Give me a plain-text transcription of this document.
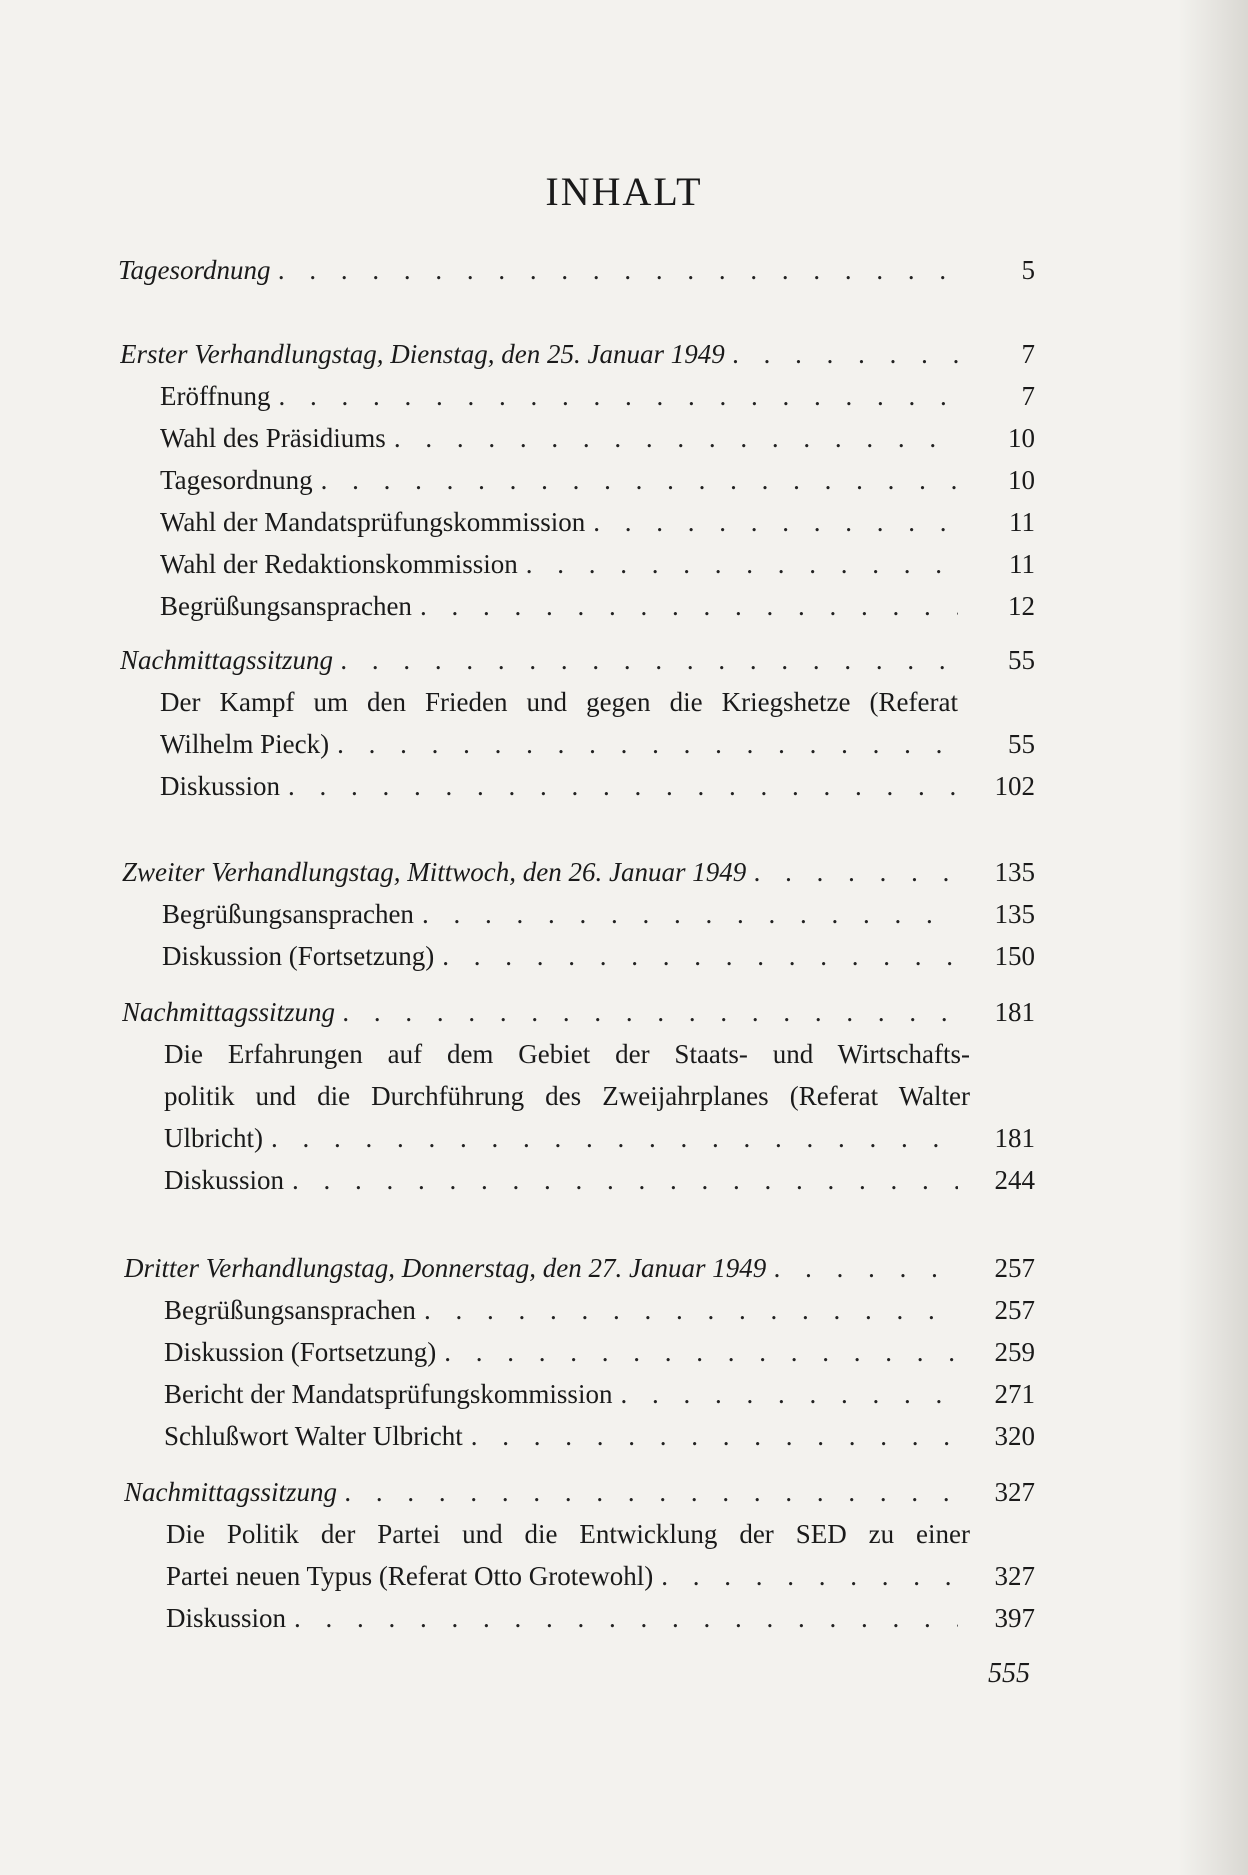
INHALT
Tagesordnung . . .	5
Erster Verhandlungstag, Dienstag, den 25. Januar 1949 . . .	7
Eröffnung . . .	7
Wahl des Präsidiums . . .	10
Tagesordnung . . .	10
Wahl der Mandatsprüfungskommission . . .	11
Wahl der Redaktionskommission . . .	11
Begrüßungsansprachen . . .	12
Nachmittagssitzung . . .	55
Der Kampf um den Frieden und gegen die Kriegshetze (Referat
Wilhelm Pieck) . . .	55
Diskussion . . .	102
Zweiter Verhandlungstag, Mittwoch, den 26. Januar 1949 . . .	135
Begrüßungsansprachen . . .	135
Diskussion (Fortsetzung) . . .	150
Nachmittagssitzung . . .	181
Die Erfahrungen auf dem Gebiet der Staats- und Wirtschafts-
politik und die Durchführung des Zweijahrplanes (Referat Walter
Ulbricht) . . .	181
Diskussion . . .	244
Dritter Verhandlungstag, Donnerstag, den 27. Januar 1949 . . .	257
Begrüßungsansprachen . . .	257
Diskussion (Fortsetzung) . . .	259
Bericht der Mandatsprüfungskommission . . .	271
Schlußwort Walter Ulbricht . . .	320
Nachmittagssitzung . . .	327
Die Politik der Partei und die Entwicklung der SED zu einer
Partei neuen Typus (Referat Otto Grotewohl) . . .	327
Diskussion . . .	397
555
